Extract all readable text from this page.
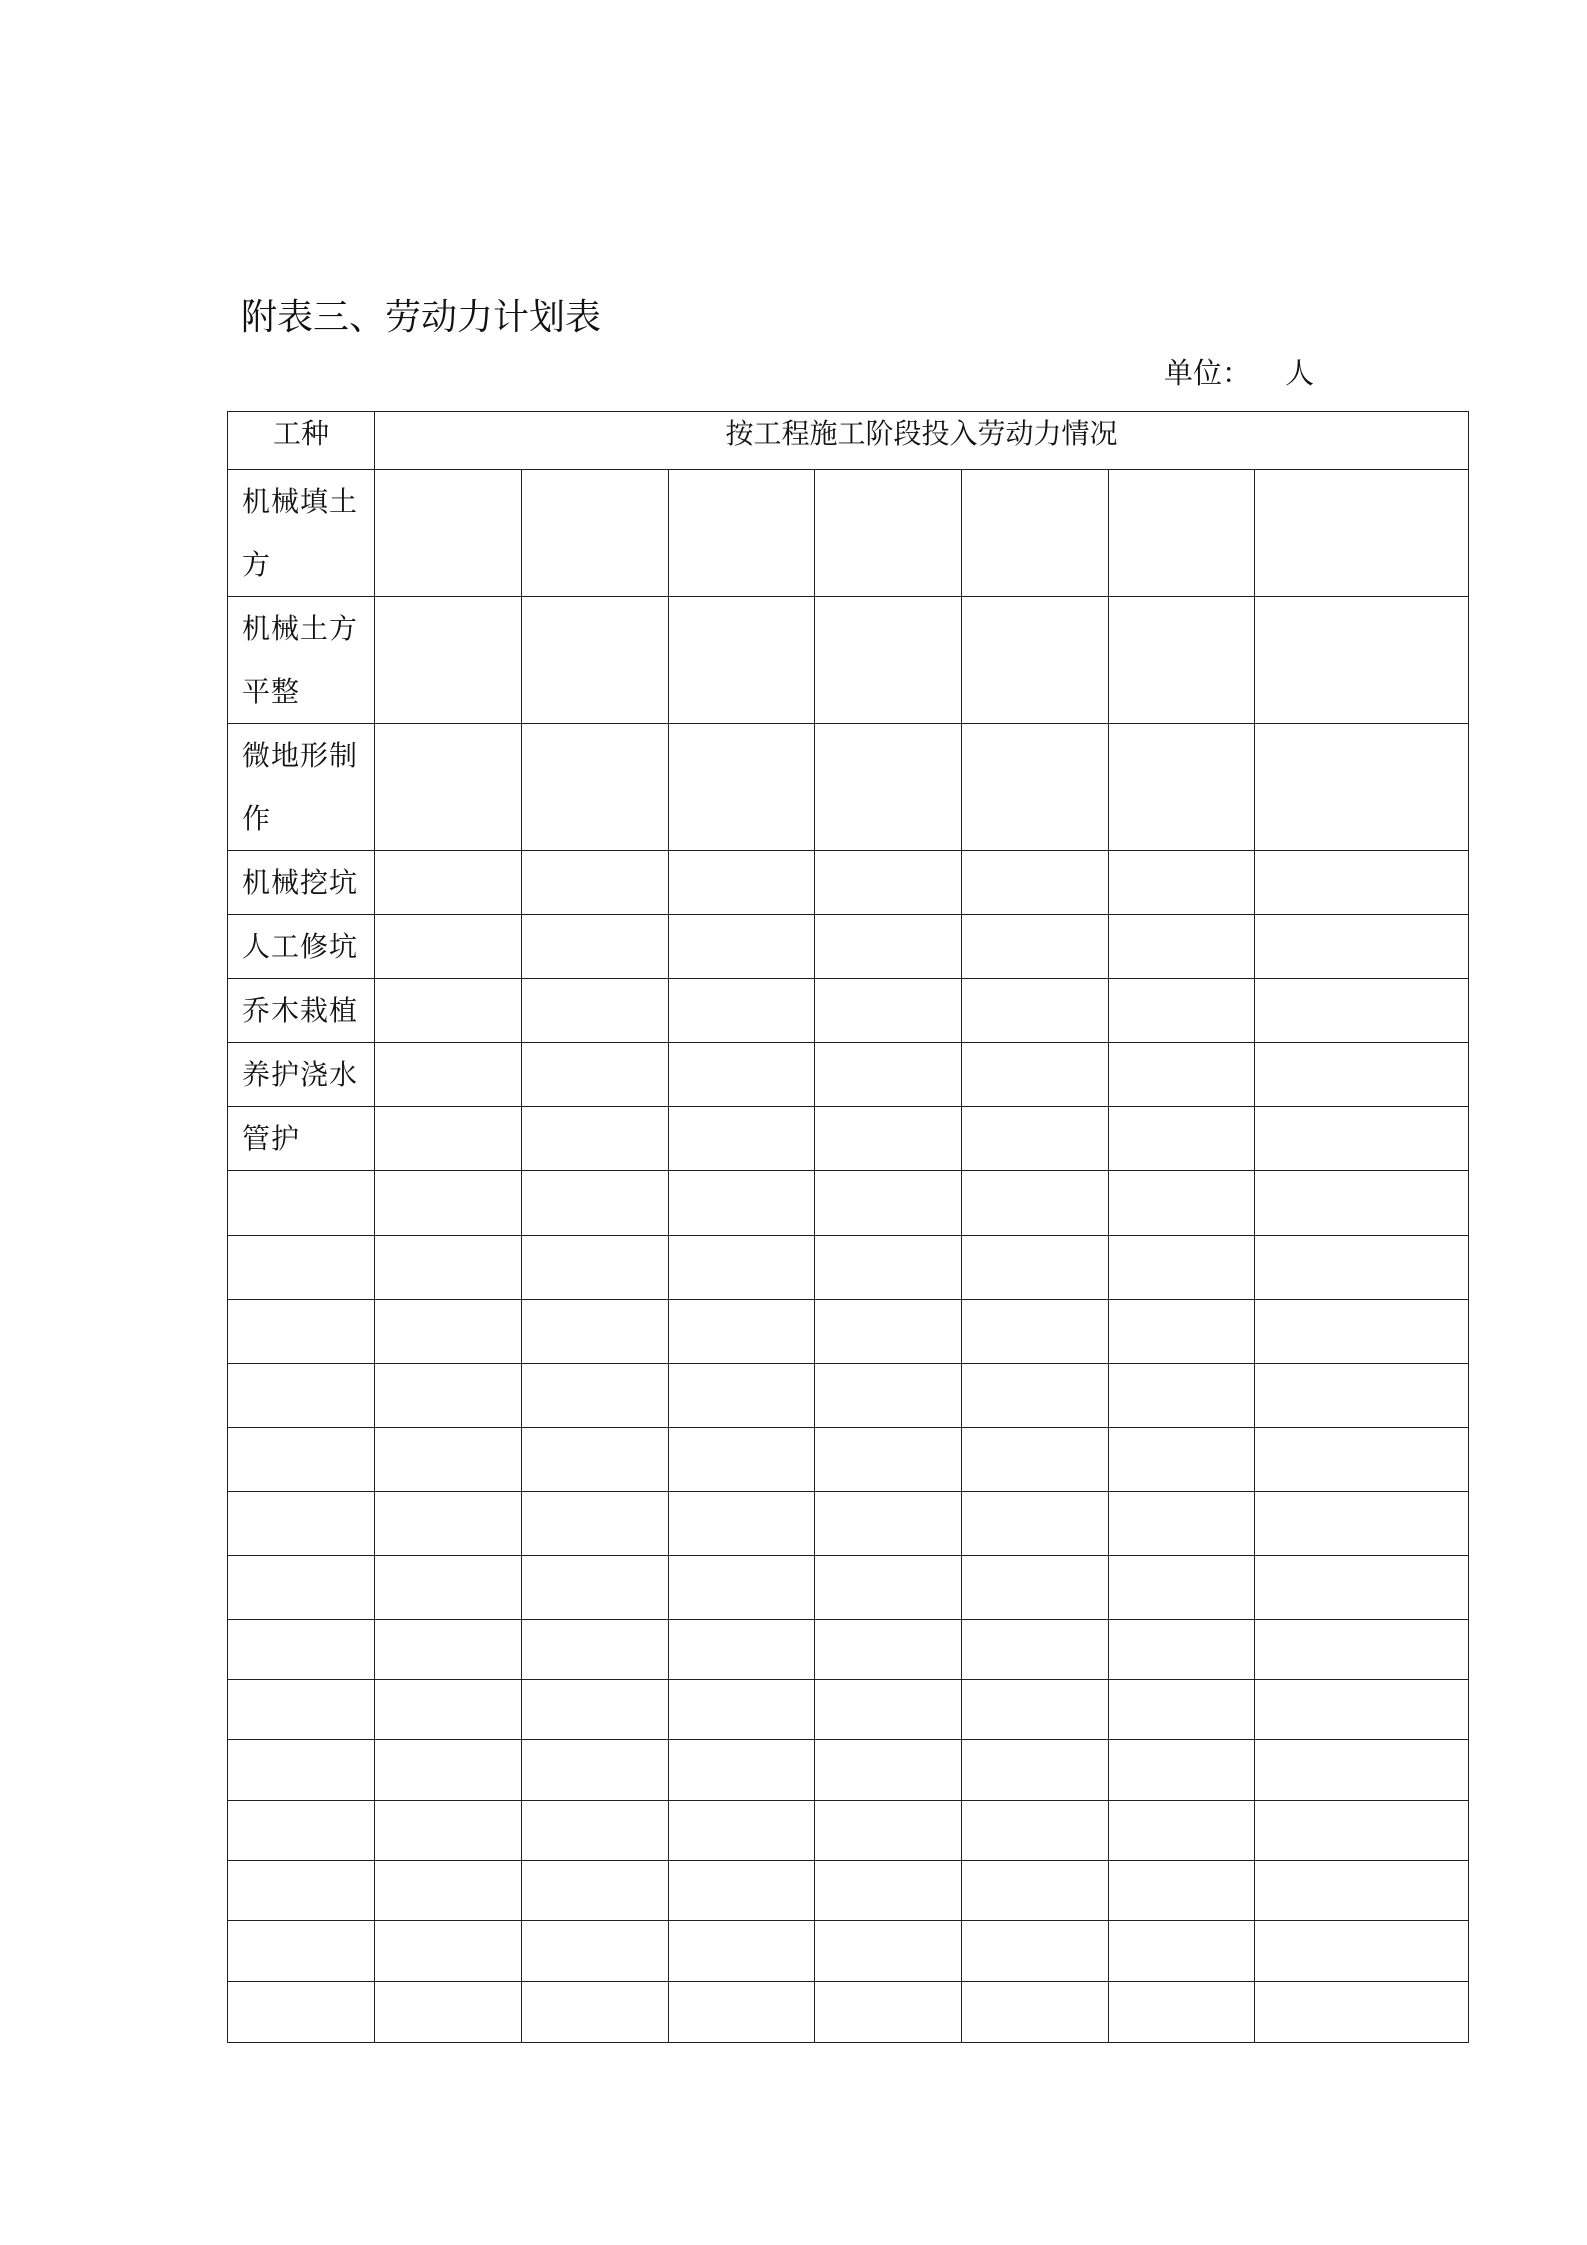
附表三、劳动力计划表
单位： 人
工种	按工程施工阶段投入劳动力情况						

机械填土方							

机械土方平整							

微地形制作							

机械挖坑							

人工修坑							

乔木栽植							

养护浇水							

管护							
